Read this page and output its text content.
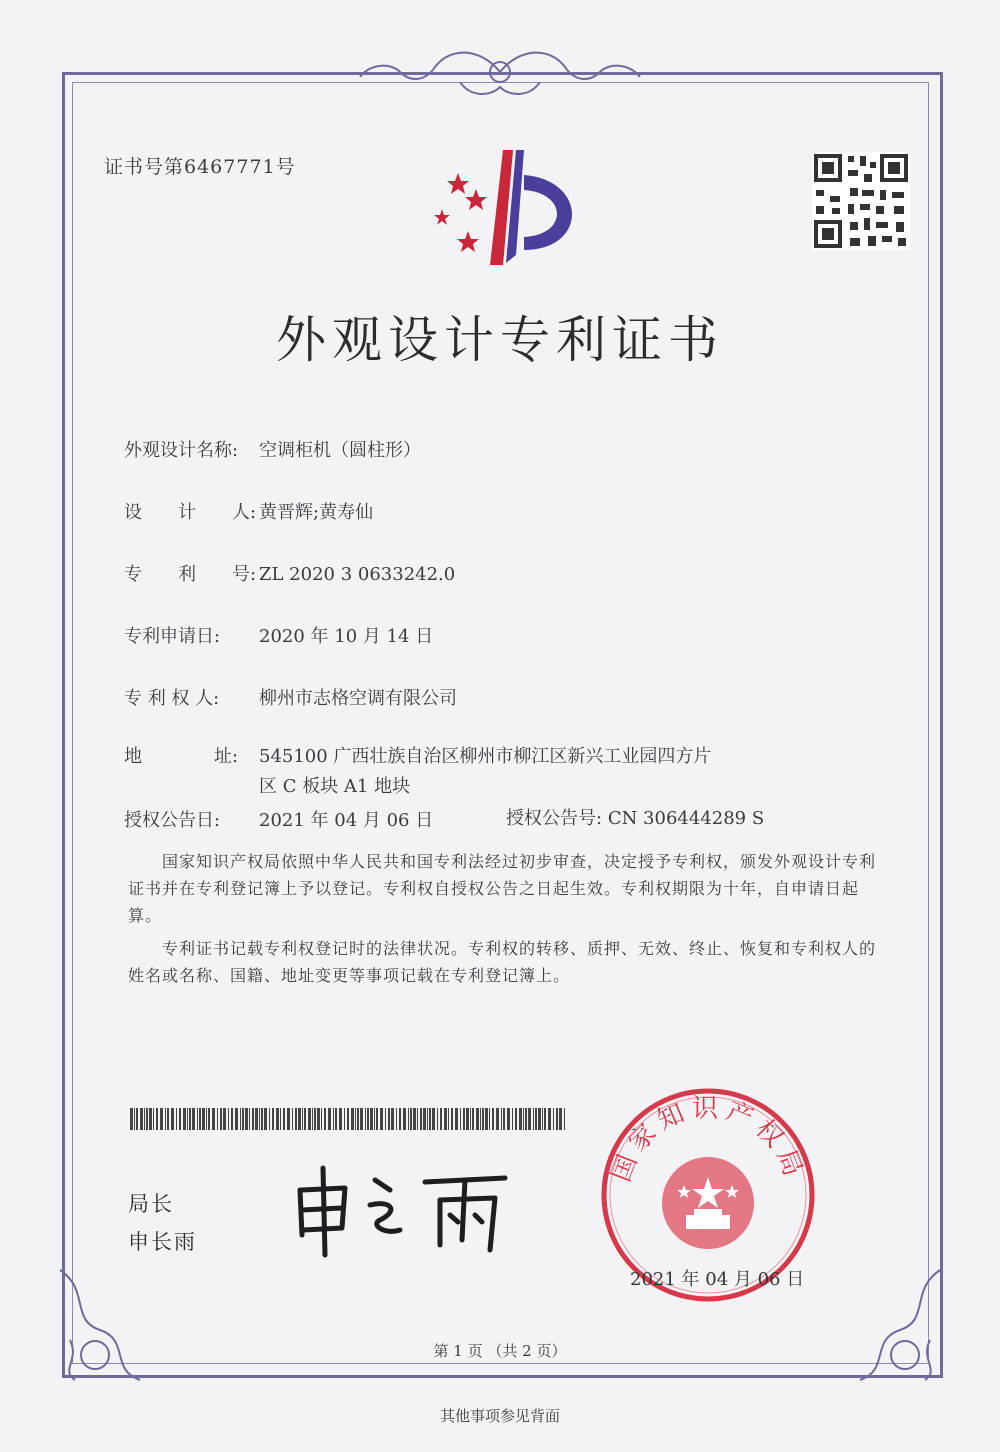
证书号第6467771号
外观设计专利证书
外观设计名称: 空调柜机（圆柱形）
设　　计　　人: 黄晋辉;黄寿仙
专　　利　　号: ZL 2020 3 0633242.0
专利申请日: 2020 年 10 月 14 日
专 利 权 人: 柳州市志格空调有限公司
地　　　　址: 545100 广西壮族自治区柳州市柳江区新兴工业园四方片
区 C 板块 A1 地块
授权公告日: 2021 年 04 月 06 日	授权公告号: CN 306444289 S
国家知识产权局依照中华人民共和国专利法经过初步审查，决定授予专利权，颁发外观设计专利证书并在专利登记簿上予以登记。专利权自授权公告之日起生效。专利权期限为十年，自申请日起算。
专利证书记载专利权登记时的法律状况。专利权的转移、质押、无效、终止、恢复和专利权人的姓名或名称、国籍、地址变更等事项记载在专利登记簿上。
局长
申长雨
国家知识产权局
2021 年 04 月 06 日
第 1 页 （共 2 页）
其他事项参见背面
